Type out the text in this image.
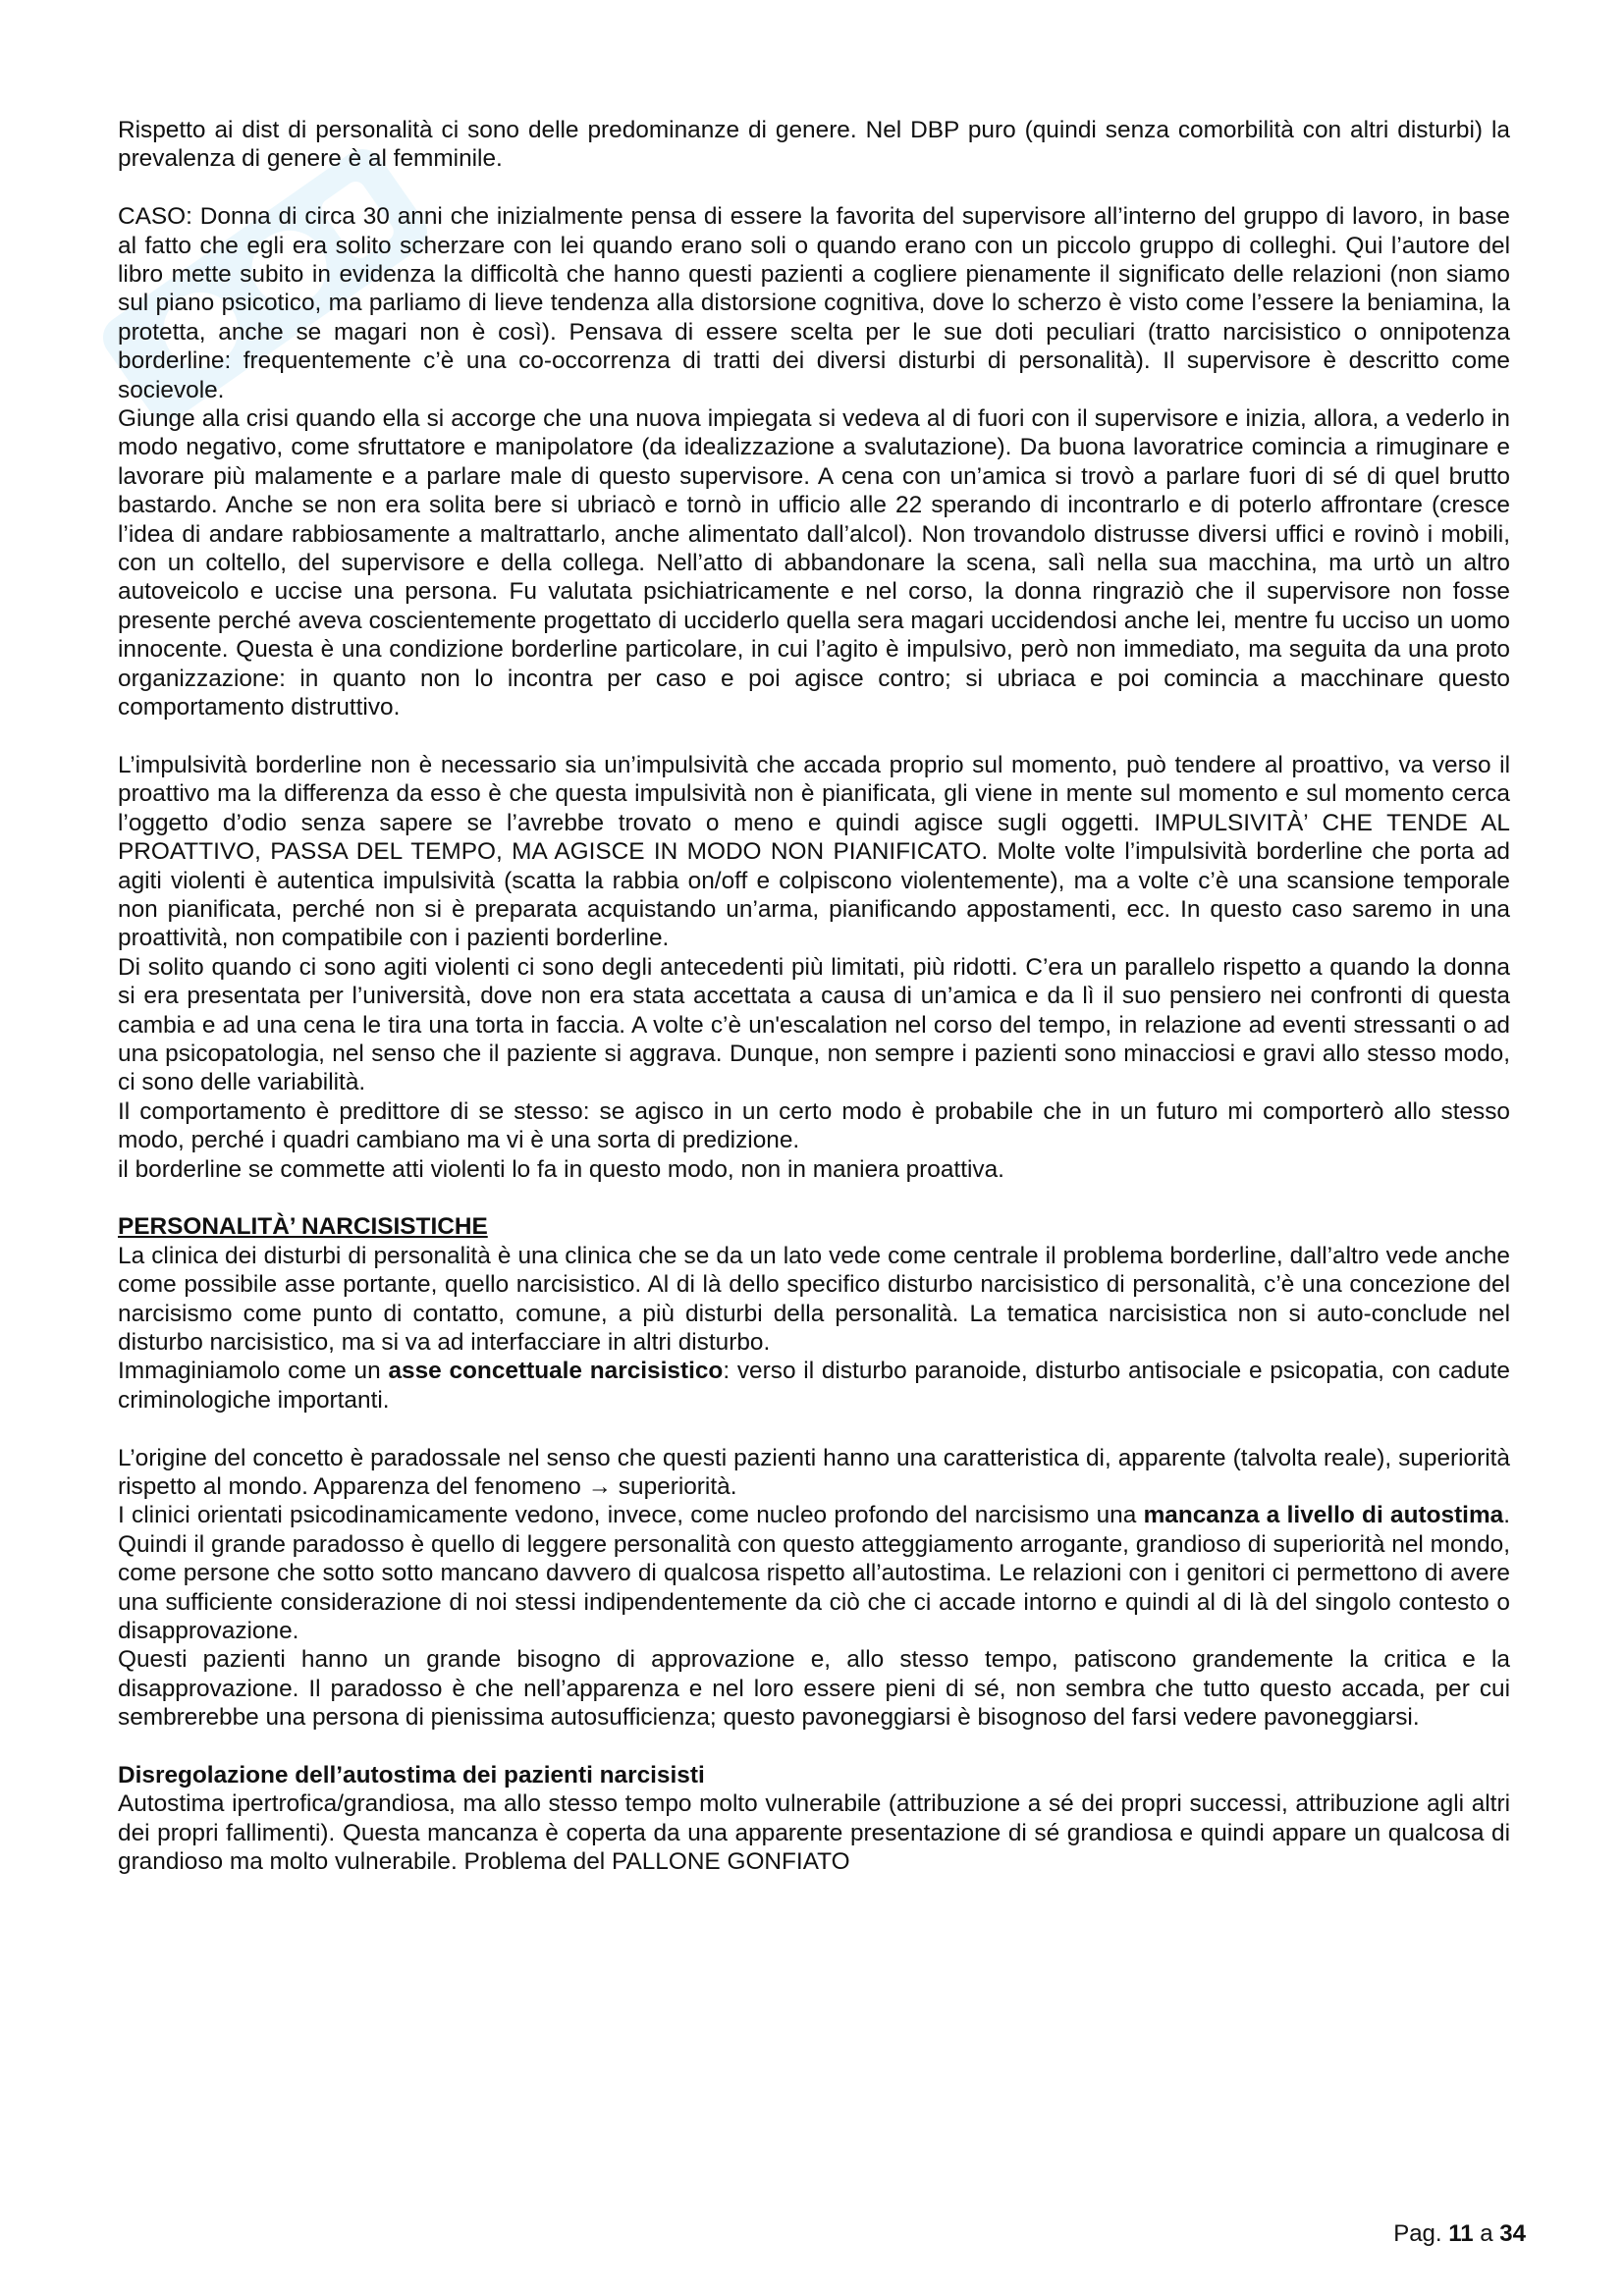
Rispetto ai dist di personalità ci sono delle predominanze di genere. Nel DBP puro (quindi senza comorbilità con altri disturbi) la prevalenza di genere è al femminile.

CASO: Donna di circa 30 anni che inizialmente pensa di essere la favorita del supervisore all’interno del gruppo di lavoro, in base al fatto che egli era solito scherzare con lei quando erano soli o quando erano con un piccolo gruppo di colleghi. Qui l’autore del libro mette subito in evidenza la difficoltà che hanno questi pazienti a cogliere pienamente il significato delle relazioni (non siamo sul piano psicotico, ma parliamo di lieve tendenza alla distorsione cognitiva, dove lo scherzo è visto come l’essere la beniamina, la protetta, anche se magari non è così). Pensava di essere scelta per le sue doti peculiari (tratto narcisistico o onnipotenza borderline: frequentemente c’è una co-occorrenza di tratti dei diversi disturbi di personalità). Il supervisore è descritto come socievole.

Giunge alla crisi quando ella si accorge che una nuova impiegata si vedeva al di fuori con il supervisore e inizia, allora, a vederlo in modo negativo, come sfruttatore e manipolatore (da idealizzazione a svalutazione). Da buona lavoratrice comincia a rimuginare e lavorare più malamente e a parlare male di questo supervisore. A cena con un’amica si trovò a parlare fuori di sé di quel brutto bastardo. Anche se non era solita bere si ubriacò e tornò in ufficio alle 22 sperando di incontrarlo e di poterlo affrontare (cresce l’idea di andare rabbiosamente a maltrattarlo, anche alimentato dall’alcol). Non trovandolo distrusse diversi uffici e rovinò i mobili, con un coltello, del supervisore e della collega. Nell’atto di abbandonare la scena, salì nella sua macchina, ma urtò un altro autoveicolo e uccise una persona. Fu valutata psichiatricamente e nel corso, la donna ringraziò che il supervisore non fosse presente perché aveva coscientemente progettato di ucciderlo quella sera magari uccidendosi anche lei, mentre fu ucciso un uomo innocente. Questa è una condizione borderline particolare, in cui l’agito è impulsivo, però non immediato, ma seguita da una proto organizzazione: in quanto non lo incontra per caso e poi agisce contro; si ubriaca e poi comincia a macchinare questo comportamento distruttivo.

L’impulsività borderline non è necessario sia un’impulsività che accada proprio sul momento, può tendere al proattivo, va verso il proattivo ma la differenza da esso è che questa impulsività non è pianificata, gli viene in mente sul momento e sul momento cerca l’oggetto d’odio senza sapere se l’avrebbe trovato o meno e quindi agisce sugli oggetti. IMPULSIVITÀ’ CHE TENDE AL PROATTIVO, PASSA DEL TEMPO, MA AGISCE IN MODO NON PIANIFICATO. Molte volte l’impulsività borderline che porta ad agiti violenti è autentica impulsività (scatta la rabbia on/off e colpiscono violentemente), ma a volte c’è una scansione temporale non pianificata, perché non si è preparata acquistando un’arma, pianificando appostamenti, ecc. In questo caso saremo in una proattività, non compatibile con i pazienti borderline.

Di solito quando ci sono agiti violenti ci sono degli antecedenti più limitati, più ridotti. C’era un parallelo rispetto a quando la donna si era presentata per l’università, dove non era stata accettata a causa di un’amica e da lì il suo pensiero nei confronti di questa cambia e ad una cena le tira una torta in faccia. A volte c’è un'escalation nel corso del tempo, in relazione ad eventi stressanti o ad una psicopatologia, nel senso che il paziente si aggrava. Dunque, non sempre i pazienti sono minacciosi e gravi allo stesso modo, ci sono delle variabilità.

Il comportamento è predittore di se stesso: se agisco in un certo modo è probabile che in un futuro mi comporterò allo stesso modo, perché i quadri cambiano ma vi è una sorta di predizione.

il borderline se commette atti violenti lo fa in questo modo, non in maniera proattiva.

PERSONALITÀ’ NARCISISTICHE

La clinica dei disturbi di personalità è una clinica che se da un lato vede come centrale il problema borderline, dall’altro vede anche come possibile asse portante, quello narcisistico. Al di là dello specifico disturbo narcisistico di personalità, c’è una concezione del narcisismo come punto di contatto, comune, a più disturbi della personalità. La tematica narcisistica non si auto-conclude nel disturbo narcisistico, ma si va ad interfacciare in altri disturbo.

Immaginiamolo come un asse concettuale narcisistico: verso il disturbo paranoide, disturbo antisociale e psicopatia, con cadute criminologiche importanti.

L’origine del concetto è paradossale nel senso che questi pazienti hanno una caratteristica di, apparente (talvolta reale), superiorità rispetto al mondo. Apparenza del fenomeno → superiorità.

I clinici orientati psicodinamicamente vedono, invece, come nucleo profondo del narcisismo una mancanza a livello di autostima. Quindi il grande paradosso è quello di leggere personalità con questo atteggiamento arrogante, grandioso di superiorità nel mondo, come persone che sotto sotto mancano davvero di qualcosa rispetto all’autostima. Le relazioni con i genitori ci permettono di avere una sufficiente considerazione di noi stessi indipendentemente da ciò che ci accade intorno e quindi al di là del singolo contesto o disapprovazione.

Questi pazienti hanno un grande bisogno di approvazione e, allo stesso tempo, patiscono grandemente la critica e la disapprovazione. Il paradosso è che nell’apparenza e nel loro essere pieni di sé, non sembra che tutto questo accada, per cui sembrerebbe una persona di pienissima autosufficienza; questo pavoneggiarsi è bisognoso del farsi vedere pavoneggiarsi.

Disregolazione dell’autostima dei pazienti narcisisti

Autostima ipertrofica/grandiosa, ma allo stesso tempo molto vulnerabile (attribuzione a sé dei propri successi, attribuzione agli altri dei propri fallimenti). Questa mancanza è coperta da una apparente presentazione di sé grandiosa e quindi appare un qualcosa di grandioso ma molto vulnerabile. Problema del PALLONE GONFIATO

Pag. 11 a 34
